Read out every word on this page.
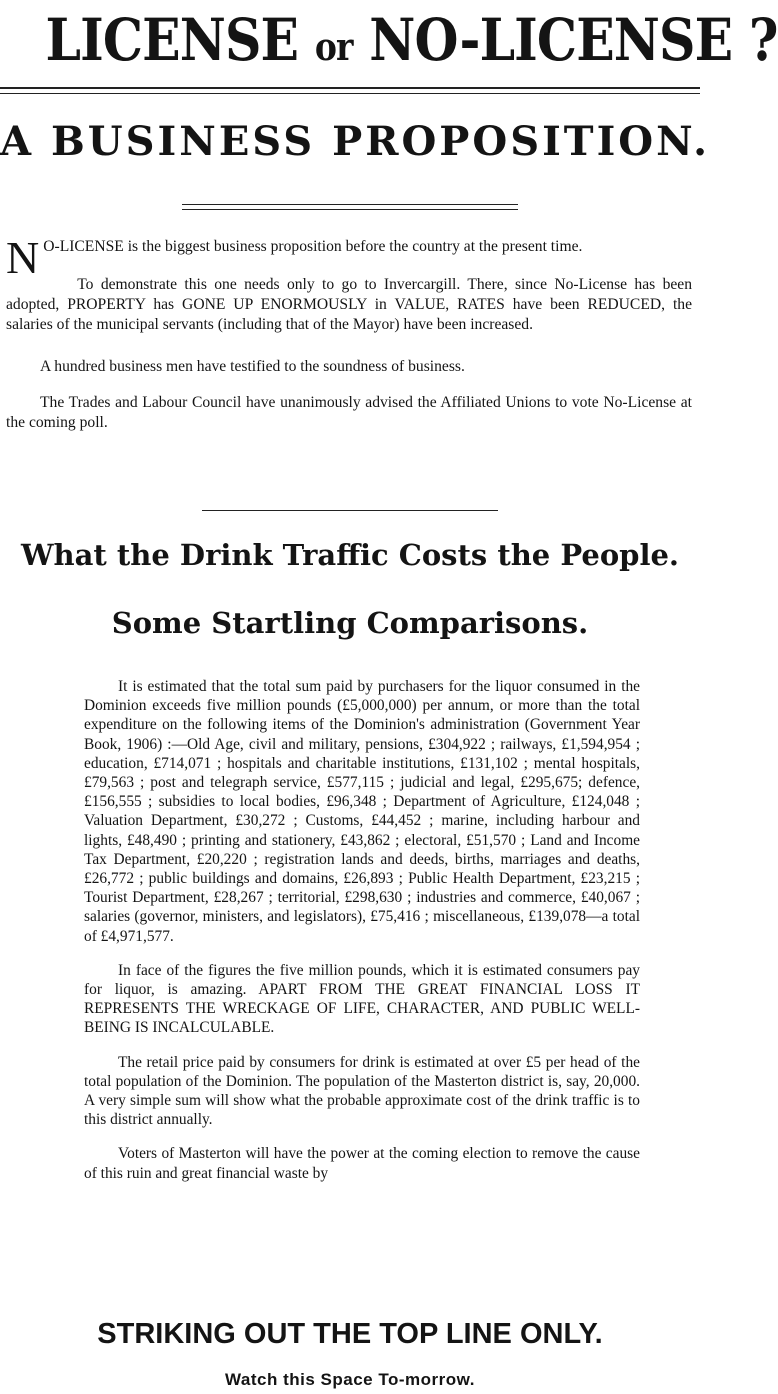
LICENSE or NO-LICENSE ?
A BUSINESS PROPOSITION.

N O-LICENSE is the biggest business proposition before the country at the present time.

To demonstrate this one needs only to go to Invercargill. There, since No-License has been adopted, PROPERTY has GONE UP ENORMOUSLY in VALUE, RATES have been REDUCED, the salaries of the municipal servants (including that of the Mayor) have been increased.

A hundred business men have testified to the soundness of business.

The Trades and Labour Council have unanimously advised the Affiliated Unions to vote No-License at the coming poll.

What the Drink Traffic Costs the People.
Some Startling Comparisons.

It is estimated that the total sum paid by purchasers for the liquor consumed in the Dominion exceeds five million pounds (£5,000,000) per annum, or more than the total expenditure on the following items of the Dominion's administration (Government Year Book, 1906) :—Old Age, civil and military, pensions, £304,922 ; railways, £1,594,954 ; education, £714,071 ; hospitals and charitable institutions, £131,102 ; mental hospitals, £79,563 ; post and telegraph service, £577,115 ; judicial and legal, £295,675; defence, £156,555 ; subsidies to local bodies, £96,348 ; Department of Agriculture, £124,048 ; Valuation Department, £30,272 ; Customs, £44,452 ; marine, including harbour and lights, £48,490 ; printing and stationery, £43,862 ; electoral, £51,570 ; Land and Income Tax Department, £20,220 ; registration lands and deeds, births, marriages and deaths, £26,772 ; public buildings and domains, £26,893 ; Public Health Department, £23,215 ; Tourist Department, £28,267 ; territorial, £298,630 ; industries and commerce, £40,067 ; salaries (governor, ministers, and legislators), £75,416 ; miscellaneous, £139,078—a total of £4,971,577.

In face of the figures the five million pounds, which it is estimated consumers pay for liquor, is amazing. APART FROM THE GREAT FINANCIAL LOSS IT REPRESENTS THE WRECKAGE OF LIFE, CHARACTER, AND PUBLIC WELL-BEING IS INCALCULABLE.

The retail price paid by consumers for drink is estimated at over £5 per head of the total population of the Dominion. The population of the Masterton district is, say, 20,000. A very simple sum will show what the probable approximate cost of the drink traffic is to this district annually.

Voters of Masterton will have the power at the coming election to remove the cause of this ruin and great financial waste by

STRIKING OUT THE TOP LINE ONLY.
Watch this Space To-morrow.
